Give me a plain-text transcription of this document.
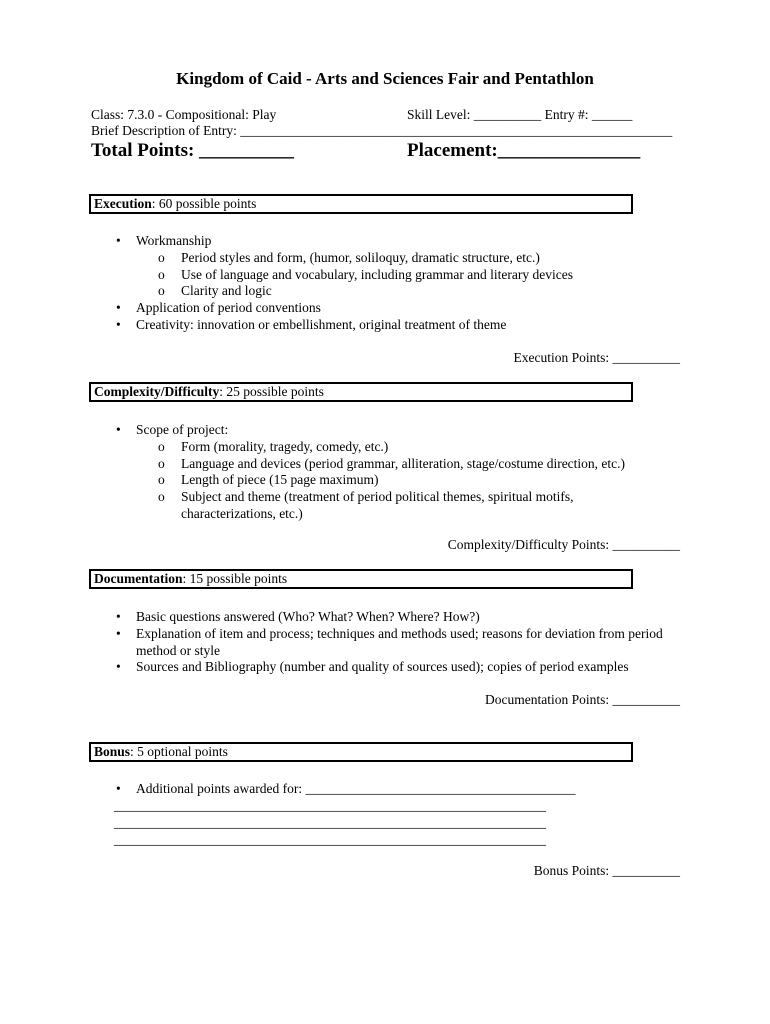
Kingdom of Caid - Arts and Sciences Fair and Pentathlon
Class: 7.3.0 - Compositional: Play	Skill Level: __________ Entry #: ______
Brief Description of Entry: ________________________________________________________________
Total Points: __________	Placement:_______________
Execution: 60 possible points
• Workmanship
o Period styles and form, (humor, soliloquy, dramatic structure, etc.)
o Use of language and vocabulary, including grammar and literary devices
o Clarity and logic
• Application of period conventions
• Creativity: innovation or embellishment, original treatment of theme
Execution Points: __________
Complexity/Difficulty: 25 possible points
• Scope of project:
o Form (morality, tragedy, comedy, etc.)
o Language and devices (period grammar, alliteration, stage/costume direction, etc.)
o Length of piece (15 page maximum)
o Subject and theme (treatment of period political themes, spiritual motifs, characterizations, etc.)
Complexity/Difficulty Points: __________
Documentation: 15 possible points
• Basic questions answered (Who? What? When? Where? How?)
• Explanation of item and process; techniques and methods used; reasons for deviation from period method or style
• Sources and Bibliography (number and quality of sources used); copies of period examples
Documentation Points: __________
Bonus: 5 optional points
• Additional points awarded for: ________________________________________
________________________________________________________________
________________________________________________________________
________________________________________________________________
Bonus Points: __________
